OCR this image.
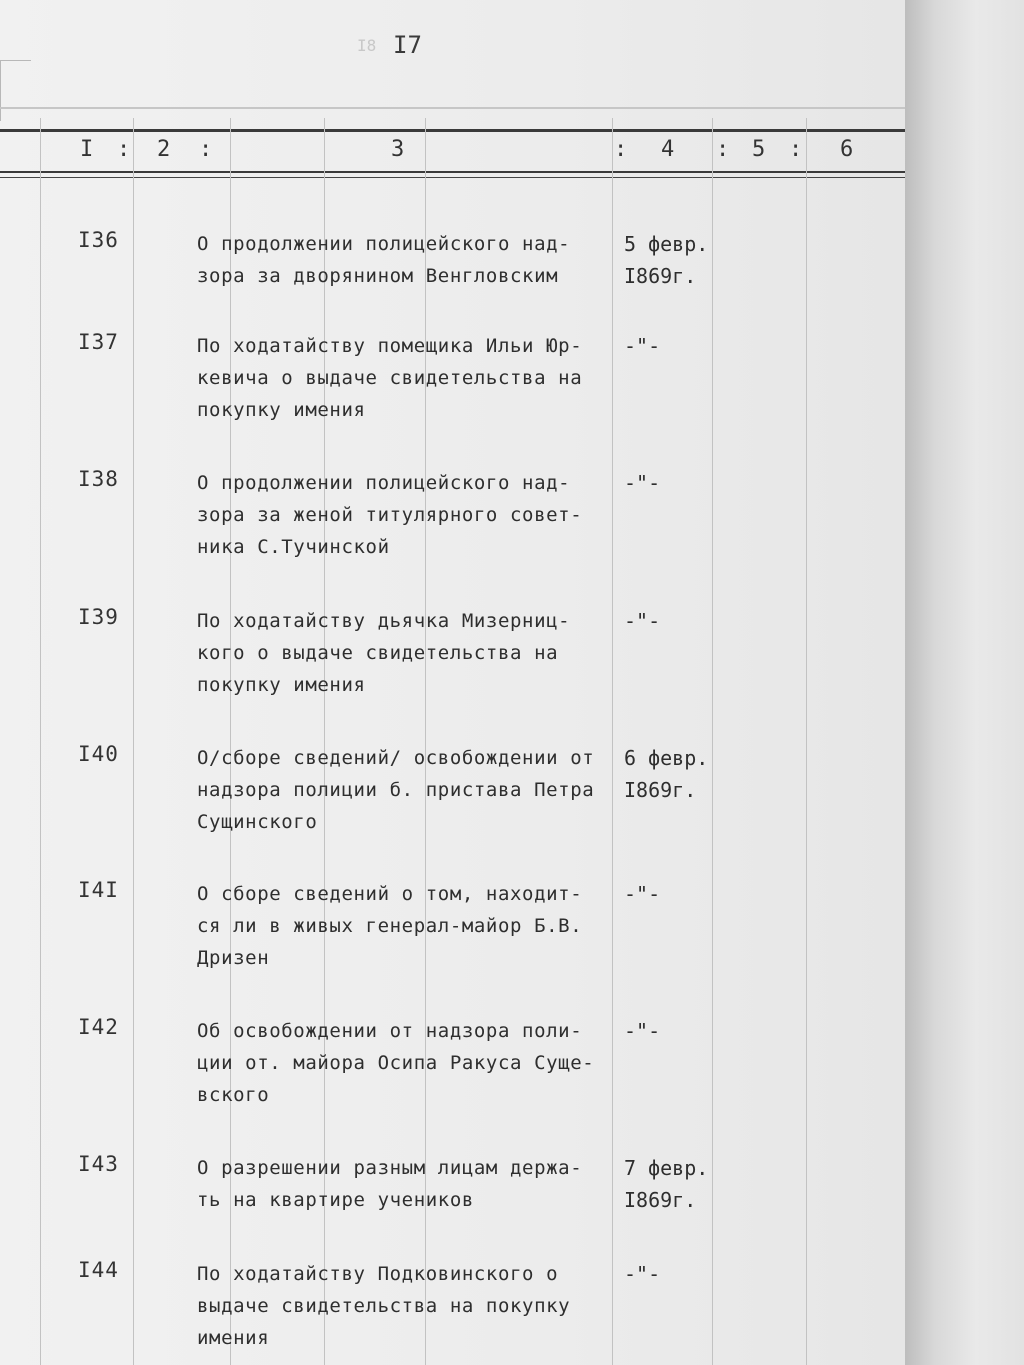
I8 I7
I : 2 :	3	: 4 : 5 : 6
I36	О продолжении полицейского над-
зора за дворянином Венгловским
5 февр.
I869г.
I37	По ходатайству помещика Ильи Юр-
кевича о выдаче свидетельства на
покупку имения
-"-
I38	О продолжении полицейского над-
зора за женой титулярного совет-
ника С.Тучинской
-"-
I39	По ходатайству дьячка Мизерниц-
кого о выдаче свидетельства на
покупку имения
-"-
I40	О/сборе сведений/ освобождении от
надзора полиции б. пристава Петра
Сущинского
6 февр.
I869г.
I4I	О сборе сведений о том, находит-
ся ли в живых генерал-майор Б.В.
Дризен
-"-
I42	Об освобождении от надзора поли-
ции от. майора Осипа Ракуса Суще-
вского
-"-
I43	О разрешении разным лицам держа-
ть на квартире учеников
7 февр.
I869г.
I44	По ходатайству Подковинского о
выдаче свидетельства на покупку
имения
-"-
